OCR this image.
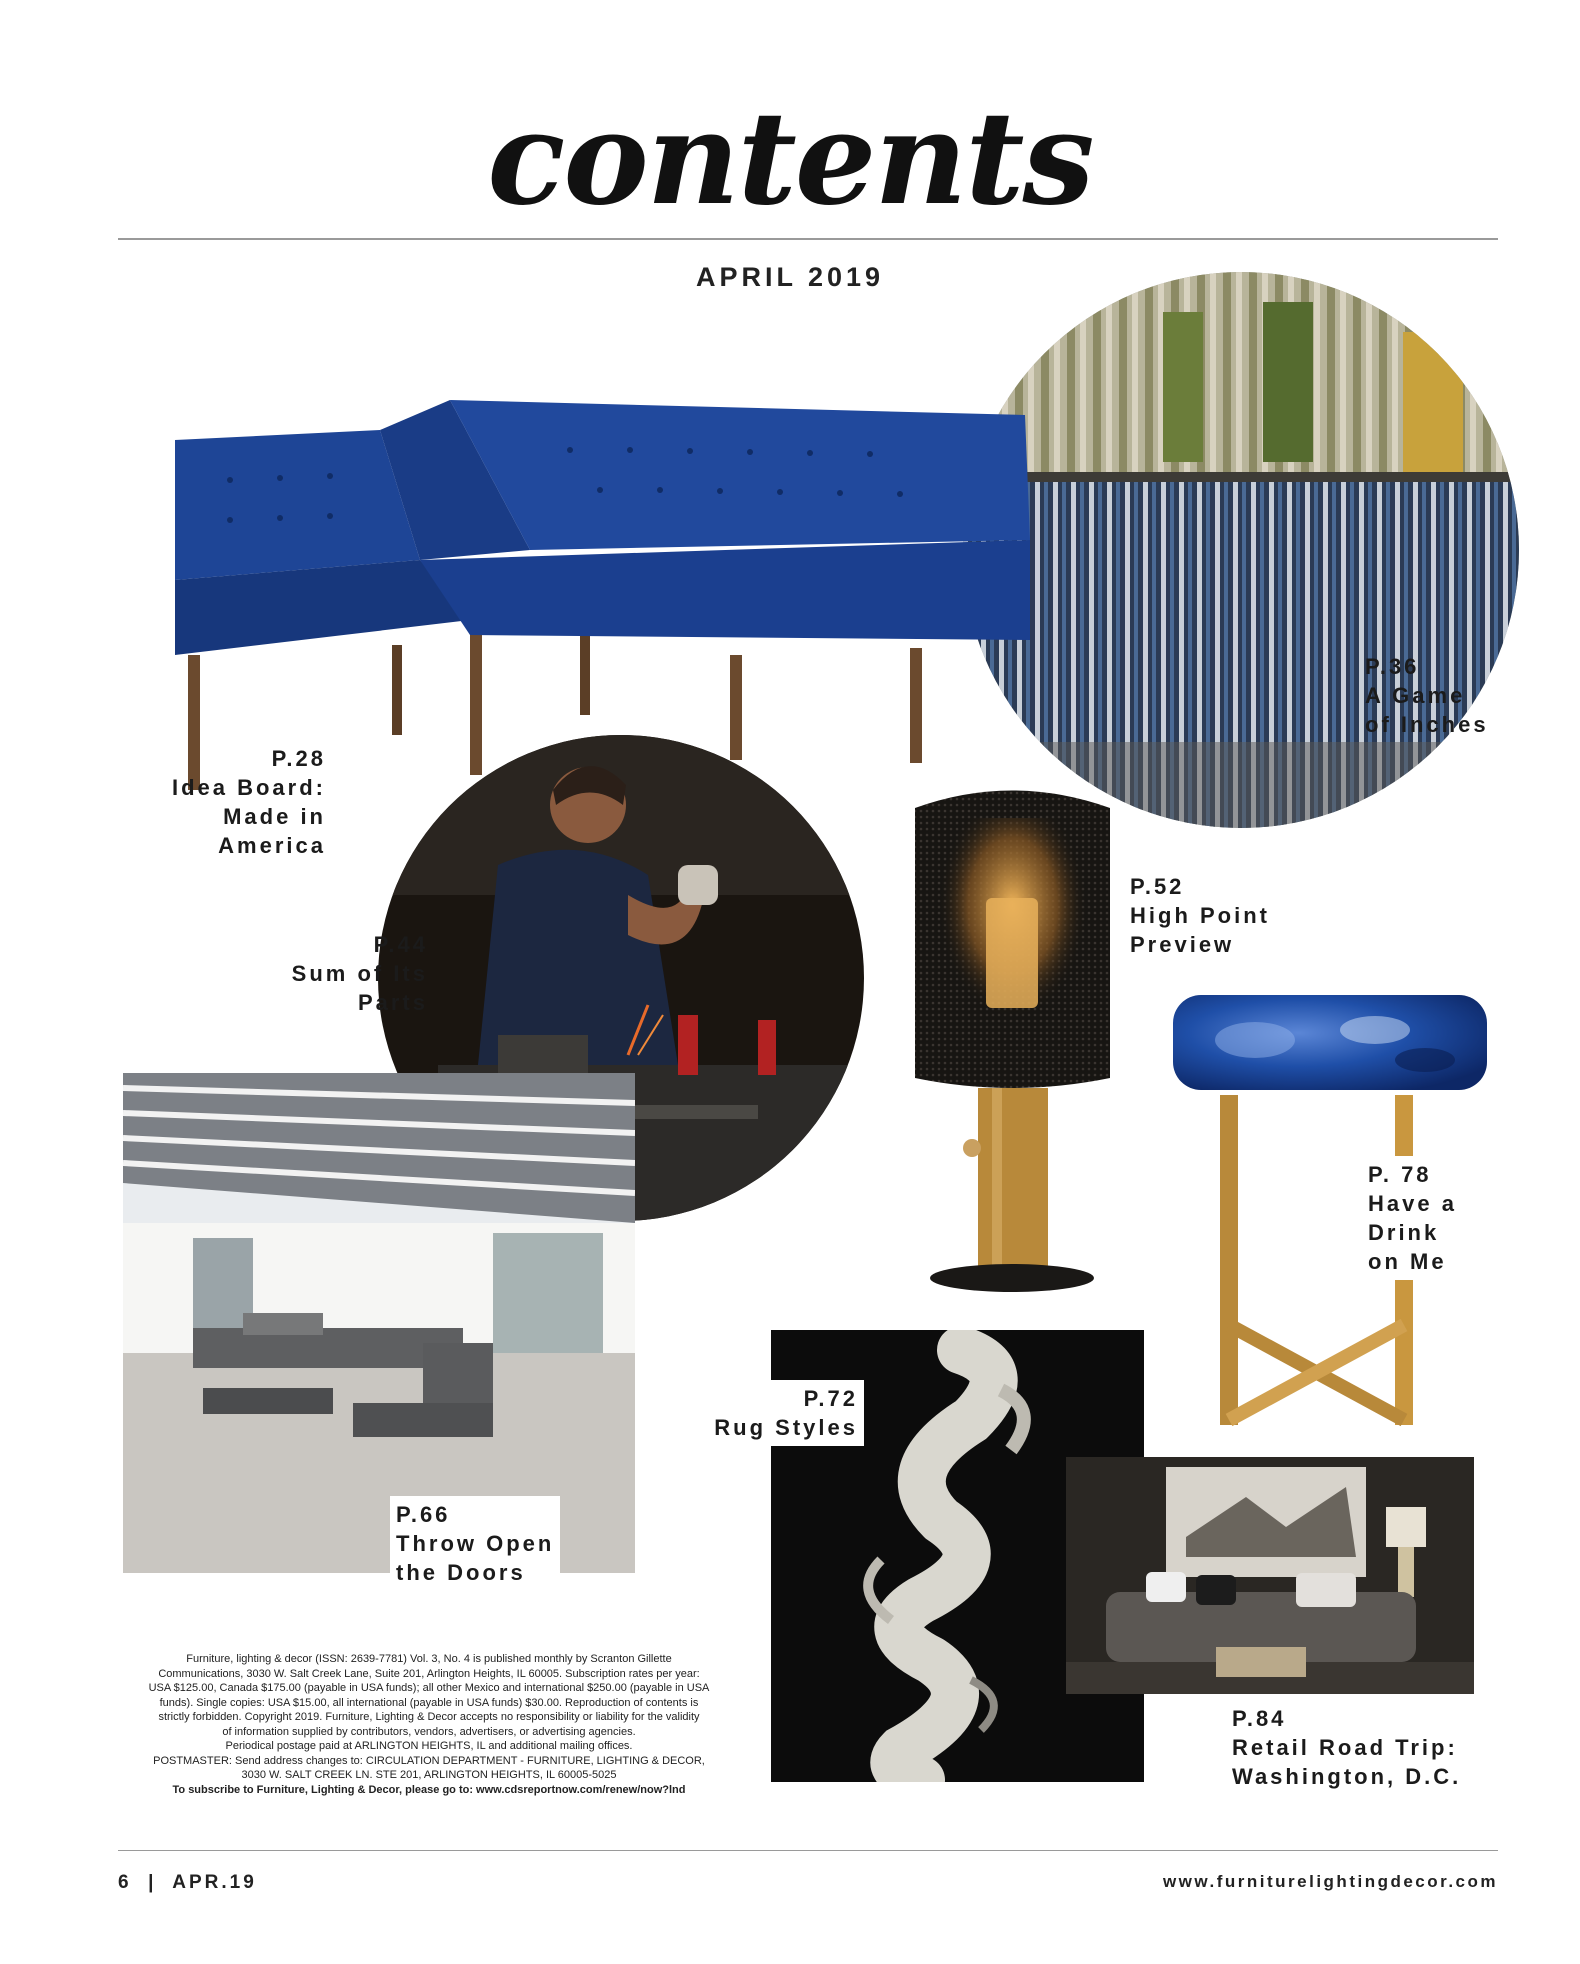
contents
APRIL 2019
P.28
Idea Board:
Made in
America
P.36
A Game
of Inches
P.44
Sum of Its
Parts
P.52
High Point
Preview
P. 78
Have a
Drink
on Me
P.66
Throw Open
the Doors
P.72
Rug Styles
P.84
Retail Road Trip:
Washington, D.C.
Furniture, lighting & decor (ISSN: 2639-7781) Vol. 3, No. 4 is published monthly by Scranton Gillette
Communications, 3030 W. Salt Creek Lane, Suite 201, Arlington Heights, IL 60005. Subscription rates per year:
USA $125.00, Canada $175.00 (payable in USA funds); all other Mexico and international $250.00 (payable in USA
funds). Single copies: USA $15.00, all international (payable in USA funds) $30.00. Reproduction of contents is
strictly forbidden. Copyright 2019. Furniture, Lighting & Decor accepts no responsibility or liability for the validity
of information supplied by contributors, vendors, advertisers, or advertising agencies.
Periodical postage paid at ARLINGTON HEIGHTS, IL and additional mailing offices.
POSTMASTER: Send address changes to: CIRCULATION DEPARTMENT - FURNITURE, LIGHTING & DECOR,
3030 W. SALT CREEK LN. STE 201, ARLINGTON HEIGHTS, IL 60005-5025
To subscribe to Furniture, Lighting & Decor, please go to: www.cdsreportnow.com/renew/now?lnd
6  |  APR.19	www.furniturelightingdecor.com
